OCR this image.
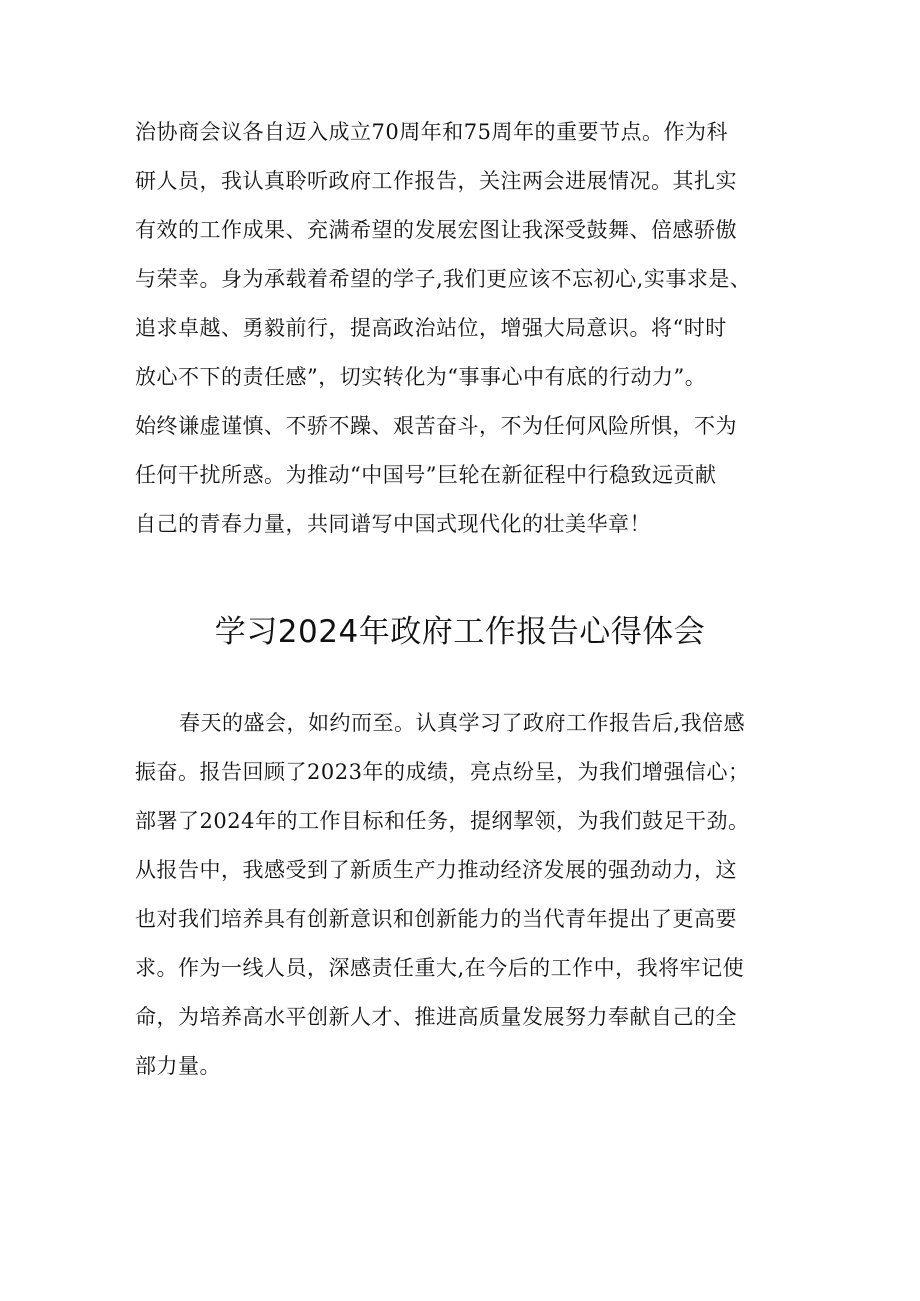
治协商会议各自迈入成立70周年和75周年的重要节点。作为科
研人员，我认真聆听政府工作报告，关注两会进展情况。其扎实
有效的工作成果、充满希望的发展宏图让我深受鼓舞、倍感骄傲
与荣幸。身为承载着希望的学子,我们更应该不忘初心,实事求是、
追求卓越、勇毅前行，提高政治站位，增强大局意识。将“时时
放心不下的责任感”，切实转化为“事事心中有底的行动力”。
始终谦虚谨慎、不骄不躁、艰苦奋斗，不为任何风险所惧，不为
任何干扰所惑。为推动“中国号”巨轮在新征程中行稳致远贡献
自己的青春力量，共同谱写中国式现代化的壮美华章！
学习2024年政府工作报告心得体会
春天的盛会，如约而至。认真学习了政府工作报告后,我倍感
振奋。报告回顾了2023年的成绩，亮点纷呈，为我们增强信心；
部署了2024年的工作目标和任务，提纲挈领，为我们鼓足干劲。
从报告中，我感受到了新质生产力推动经济发展的强劲动力，这
也对我们培养具有创新意识和创新能力的当代青年提出了更高要
求。作为一线人员，深感责任重大,在今后的工作中，我将牢记使
命，为培养高水平创新人才、推进高质量发展努力奉献自己的全
部力量。
